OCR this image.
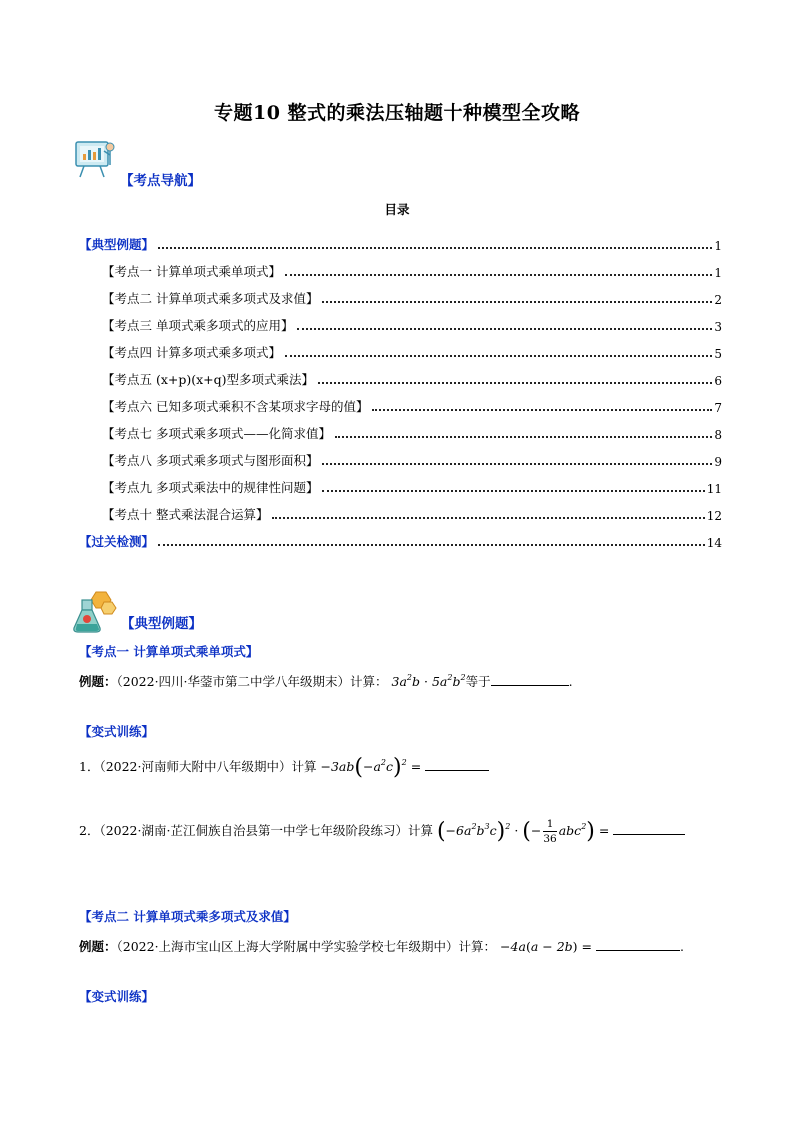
专题10 整式的乘法压轴题十种模型全攻略
【考点导航】
目录
【典型例题】	1
【考点一 计算单项式乘单项式】	1
【考点二 计算单项式乘多项式及求值】	2
【考点三 单项式乘多项式的应用】	3
【考点四 计算多项式乘多项式】	5
【考点五 (x+p)(x+q)型多项式乘法】	6
【考点六 已知多项式乘积不含某项求字母的值】	7
【考点七 多项式乘多项式——化简求值】	8
【考点八 多项式乘多项式与图形面积】	9
【考点九 多项式乘法中的规律性问题】	11
【考点十 整式乘法混合运算】	12
【过关检测】	14
【典型例题】
【考点一 计算单项式乘单项式】
例题：（2022·四川·华蓥市第二中学八年级期末）计算： $3a^2b \cdot 5a^2b^2$等于	.
【变式训练】
1．（2022·河南师大附中八年级期中）计算 $-3ab(-a^2c)^2$ =
2．（2022·湖南·芷江侗族自治县第一中学七年级阶段练习）计算 $(-6a^2b^3c)^2$ · (− $\frac{1}{36} abc^2$) =
【考点二 计算单项式乘多项式及求值】
例题：（2022·上海市宝山区上海大学附属中学实验学校七年级期中）计算： −4a(a − 2b) =	.
【变式训练】
